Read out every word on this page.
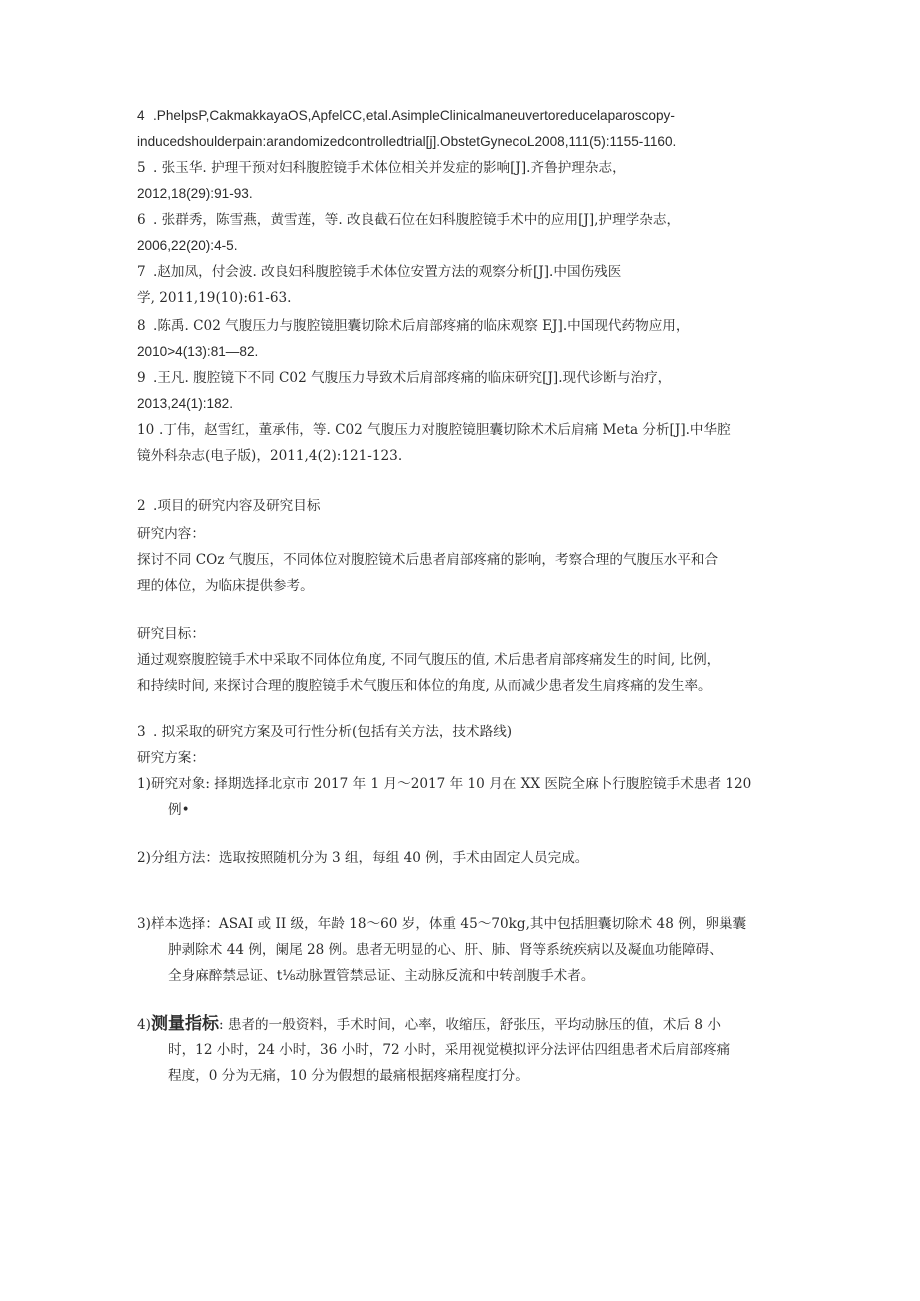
4 .PhelpsP,CakmakkayaOS,ApfelCC,etal.AsimpleClinicalmaneuvertoreducelaparoscopy-
inducedshoulderpain:arandomizedcontrolledtrial[j].ObstetGynecoL2008,111(5):1155-1160.
5 . 张玉华. 护理干预对妇科腹腔镜手术体位相关并发症的影响[J].齐鲁护理杂志，
2012,18(29):91-93.
6 . 张群秀，陈雪燕，黄雪莲，等. 改良截石位在妇科腹腔镜手术中的应用[J],护理学杂志，
2006,22(20):4-5.
7 .赵加凤，付会波. 改良妇科腹腔镜手术体位安置方法的观察分析[J].中国伤残医
学, 2011,19(10):61-63.
8 .陈禹. C02 气腹压力与腹腔镜胆囊切除术后肩部疼痛的临床观察 EJ].中国现代药物应用，
2010>4(13):81—82.
9 .王凡. 腹腔镜下不同 C02 气腹压力导致术后肩部疼痛的临床研究[J].现代诊断与治疗，
2013,24(1):182.
10 .丁伟，赵雪红，董承伟，等. C02 气腹压力对腹腔镜胆囊切除术术后肩痛 Meta 分析[J].中华腔
镜外科杂志(电子版)，2011,4(2):121-123.
2 .项目的研究内容及研究目标
研究内容：
探讨不同 COz 气腹压，不同体位对腹腔镜术后患者肩部疼痛的影响，考察合理的气腹压水平和合
理的体位，为临床提供参考。
研究目标：
通过观察腹腔镜手术中采取不同体位角度, 不同气腹压的值, 术后患者肩部疼痛发生的时间, 比例，
和持续时间, 来探讨合理的腹腔镜手术气腹压和体位的角度, 从而减少患者发生肩疼痛的发生率。
3 . 拟采取的研究方案及可行性分析(包括有关方法，技术路线)
研究方案：
1)研究对象: 择期选择北京市 2017 年 1 月～2017 年 10 月在 XX 医院全麻卜行腹腔镜手术患者 120
例•
2)分组方法：选取按照随机分为 3 组，每组 40 例，手术由固定人员完成。
3)样本选择：ASAI 或 II 级，年龄 18～60 岁，体重 45～70kg,其中包括胆囊切除术 48 例，卵巢囊
肿剥除术 44 例，阑尾 28 例。患者无明显的心、肝、肺、肾等系统疾病以及凝血功能障碍、
全身麻醉禁忌证、t⅛动脉置管禁忌证、主动脉反流和中转剖腹手术者。
4)测量指标: 患者的一般资料，手术时间，心率，收缩压，舒张压，平均动脉压的值，术后 8 小
时，12 小时，24 小时，36 小时，72 小时，采用视觉模拟评分法评估四组患者术后肩部疼痛
程度，0 分为无痛，10 分为假想的最痛根据疼痛程度打分。
